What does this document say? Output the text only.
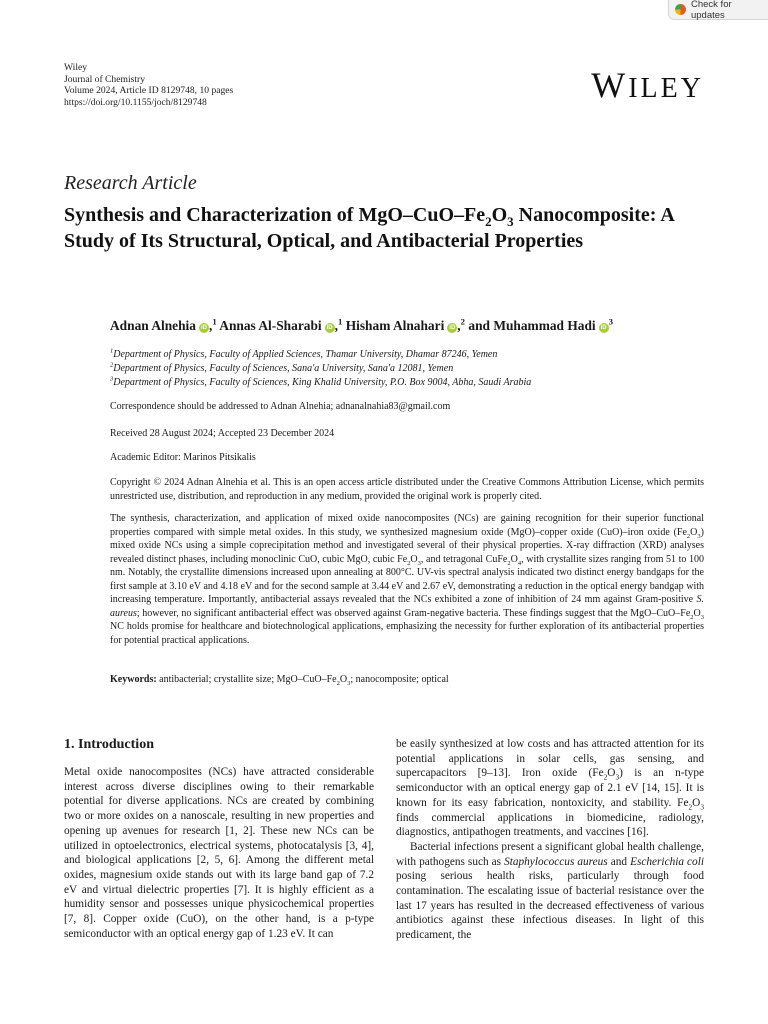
Check for updates
Wiley
Journal of Chemistry
Volume 2024, Article ID 8129748, 10 pages
https://doi.org/10.1155/joch/8129748	WILEY
Research Article
Synthesis and Characterization of MgO–$CuO-Fe_2O_3$ Nanocomposite: A Study of Its Structural, Optical, and Antibacterial Properties
Adnan Alnehia iD ,$^1$ Annas Al-Sharabi iD ,$^1$ Hisham Alnahari iD ,$^2$ and Muhammad Hadi $iD^3$
$^1$Department of Physics, Faculty of Applied Sciences, Thamar University, Dhamar 87246, Yemen
$^2$Department of Physics, Faculty of Sciences, Sana'a University, Sana'a 12081, Yemen
$^3$Department of Physics, Faculty of Sciences, King Khalid University, P.O. Box 9004, Abha, Saudi Arabia
Correspondence should be addressed to Adnan Alnehia; adnanalnahia83@gmail.com
Received 28 August 2024; Accepted 23 December 2024
Academic Editor: Marinos Pitsikalis
Copyright © 2024 Adnan Alnehia et al. This is an open access article distributed under the Creative Commons Attribution License, which permits unrestricted use, distribution, and reproduction in any medium, provided the original work is properly cited.
The synthesis, characterization, and application of mixed oxide nanocomposites (NCs) are gaining recognition for their superior functional properties compared with simple metal oxides. In this study, we synthesized magnesium oxide (MgO)–copper oxide (CuO)–iron oxide $(Fe_2O_3)$ mixed oxide NCs using a simple coprecipitation method and investigated several of their physical properties. X-ray diffraction (XRD) analyses revealed distinct phases, including monoclinic CuO, cubic MgO, cubic $Fe_2O_3$, and tetragonal $CuFe_2O_4$, with crystallite sizes ranging from 51 to 100 nm. Notably, the crystallite dimensions increased upon annealing at 800°C. UV-vis spectral analysis indicated two distinct energy bandgaps for the first sample at 3.10 eV and 4.18 eV and for the second sample at 3.44 eV and 2.67 eV, demonstrating a reduction in the optical energy bandgap with increasing temperature. Importantly, antibacterial assays revealed that the NCs exhibited a zone of inhibition of 24 mm against Gram-positive S. aureus; however, no significant antibacterial effect was observed against Gram-negative bacteria. These findings suggest that the MgO–$CuO-Fe_2O_3$ NC holds promise for healthcare and biotechnological applications, emphasizing the necessity for further exploration of its antibacterial properties for potential practical applications.
Keywords: antibacterial; crystallite size; MgO–$CuO-Fe_2O_3$; nanocomposite; optical
1. Introduction

Metal oxide nanocomposites (NCs) have attracted considerable interest across diverse disciplines owing to their remarkable potential for diverse applications. NCs are created by combining two or more oxides on a nanoscale, resulting in new properties and opening up avenues for research [1, 2]. These new NCs can be utilized in optoelectronics, electrical systems, photocatalysis [3, 4], and biological applications [2, 5, 6]. Among the different metal oxides, magnesium oxide stands out with its large band gap of 7.2 eV and virtual dielectric properties [7]. It is highly efficient as a humidity sensor and possesses unique physicochemical properties [7, 8]. Copper oxide (CuO), on the other hand, is a p-type semiconductor with an optical energy gap of 1.23 eV. It can

be easily synthesized at low costs and has attracted attention for its potential applications in solar cells, gas sensing, and supercapacitors [9–13]. Iron oxide $(Fe_2O_3)$ is an n-type semiconductor with an optical energy gap of 2.1 eV [14, 15]. It is known for its easy fabrication, nontoxicity, and stability. $Fe_2O_3$ finds commercial applications in biomedicine, radiology, diagnostics, antipathogen treatments, and vaccines [16].

Bacterial infections present a significant global health challenge, with pathogens such as Staphylococcus aureus and Escherichia coli posing serious health risks, particularly through food contamination. The escalating issue of bacterial resistance over the last 17 years has resulted in the decreased effectiveness of various antibiotics against these infectious diseases. In light of this predicament, the
